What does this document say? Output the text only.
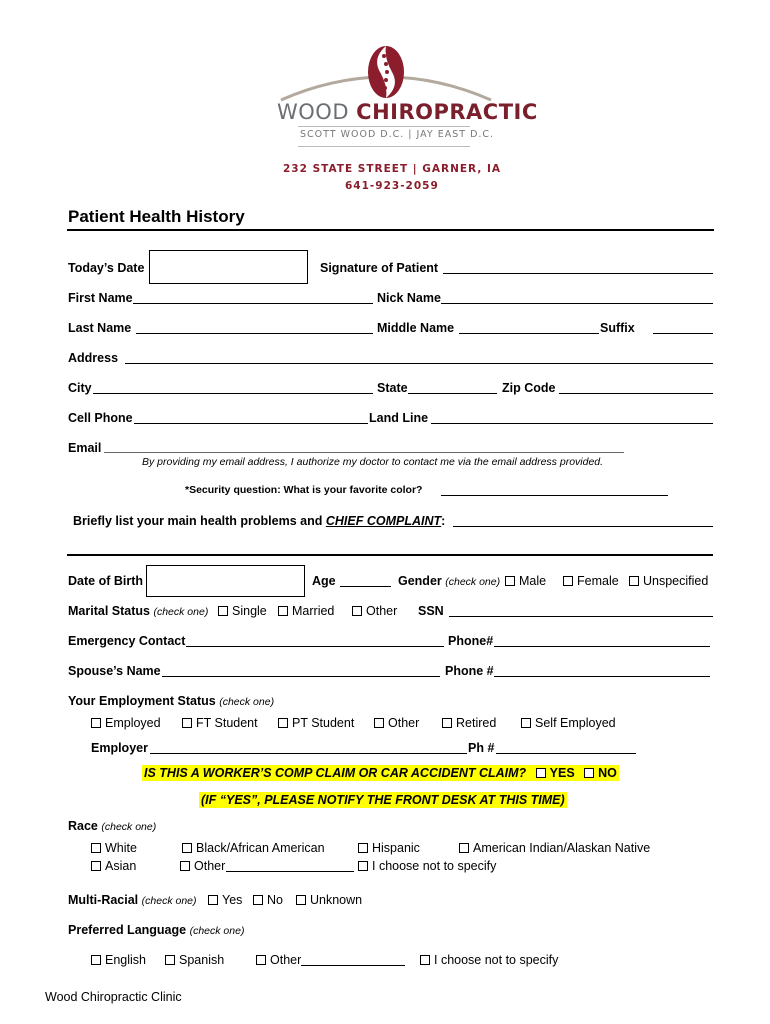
WOOD CHIROPRACTIC
SCOTT WOOD D.C. | JAY EAST D.C.
232 STATE STREET | GARNER, IA
641-923-2059
Patient Health History
Today’s Date	Signature of Patient
First Name	Nick Name
Last Name	Middle Name	Suffix
Address
City	State	Zip Code
Cell Phone	Land Line
Email
By providing my email address, I authorize my doctor to contact me via the email address provided.
*Security question: What is your favorite color?
Briefly list your main health problems and CHIEF COMPLAINT:
Date of Birth	Age	Gender (check one)	Male	Female	Unspecified
Marital Status (check one)	Single	Married	Other SSN
Emergency Contact	Phone#
Spouse’s Name	Phone #
Your Employment Status (check one)
Employed	FT Student	PT Student	Other	Retired	Self Employed
Employer	Ph #
IS THIS A WORKER’S COMP CLAIM OR CAR ACCIDENT CLAIM? YES NO
(IF “YES”, PLEASE NOTIFY THE FRONT DESK AT THIS TIME)
Race (check one)
White	Black/African American	Hispanic	American Indian/Alaskan Native
Asian	Other	I choose not to specify
Multi-Racial (check one)	Yes	No	Unknown
Preferred Language (check one)
English	Spanish	Other	I choose not to specify
Wood Chiropractic Clinic
